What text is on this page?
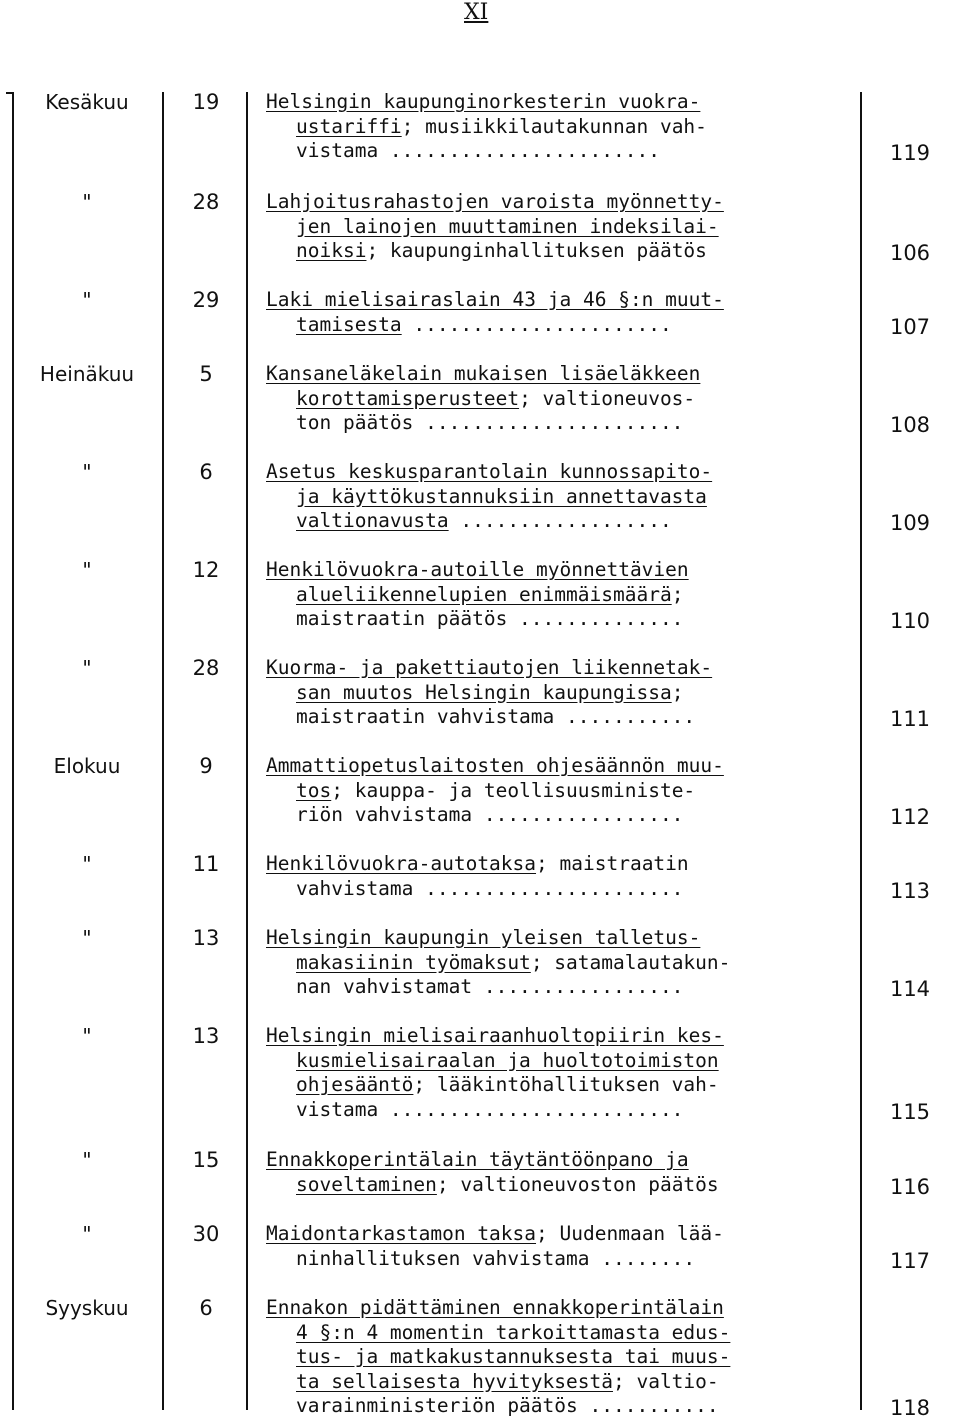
XI
Kesäkuu	19	Helsingin kaupunginorkesterin vuokra-
ustariffi; musiikkilautakunnan vah-
vistama .......................	119
"	28	Lahjoitusrahastojen varoista myönnetty-
jen lainojen muuttaminen indeksilai-
noiksi; kaupunginhallituksen päätös	106
"	29	Laki mielisairaslain 43 ja 46 §:n muut-
tamisesta ......................	107
Heinäkuu	5	Kansaneläkelain mukaisen lisäeläkkeen
korottamisperusteet; valtioneuvos-
ton päätös ......................	108
"	6	Asetus keskusparantolain kunnossapito-
ja käyttökustannuksiin annettavasta
valtionavusta ..................	109
"	12	Henkilövuokra-autoille myönnettävien
alueliikennelupien enimmäismäärä;
maistraatin päätös ..............	110
"	28	Kuorma- ja pakettiautojen liikennetak-
san muutos Helsingin kaupungissa;
maistraatin vahvistama ...........	111
Elokuu	9	Ammattiopetuslaitosten ohjesäännön muu-
tos; kauppa- ja teollisuusministe-
riön vahvistama .................	112
"	11	Henkilövuokra-autotaksa; maistraatin
vahvistama ......................	113
"	13	Helsingin kaupungin yleisen talletus-
makasiinin työmaksut; satamalautakun-
nan vahvistamat .................	114
"	13	Helsingin mielisairaanhuoltopiirin kes-
kusmielisairaalan ja huoltotoimiston
ohjesääntö; lääkintöhallituksen vah-
vistama .........................	115
"	15	Ennakkoperintälain täytäntöönpano ja
soveltaminen; valtioneuvoston päätös	116
"	30	Maidontarkastamon taksa; Uudenmaan lää-
ninhallituksen vahvistama ........	117
Syyskuu	6	Ennakon pidättäminen ennakkoperintälain
4 §:n 4 momentin tarkoittamasta edus-
tus- ja matkakustannuksesta tai muus-
ta sellaisesta hyvityksestä; valtio-
varainministeriön päätös ...........	118
